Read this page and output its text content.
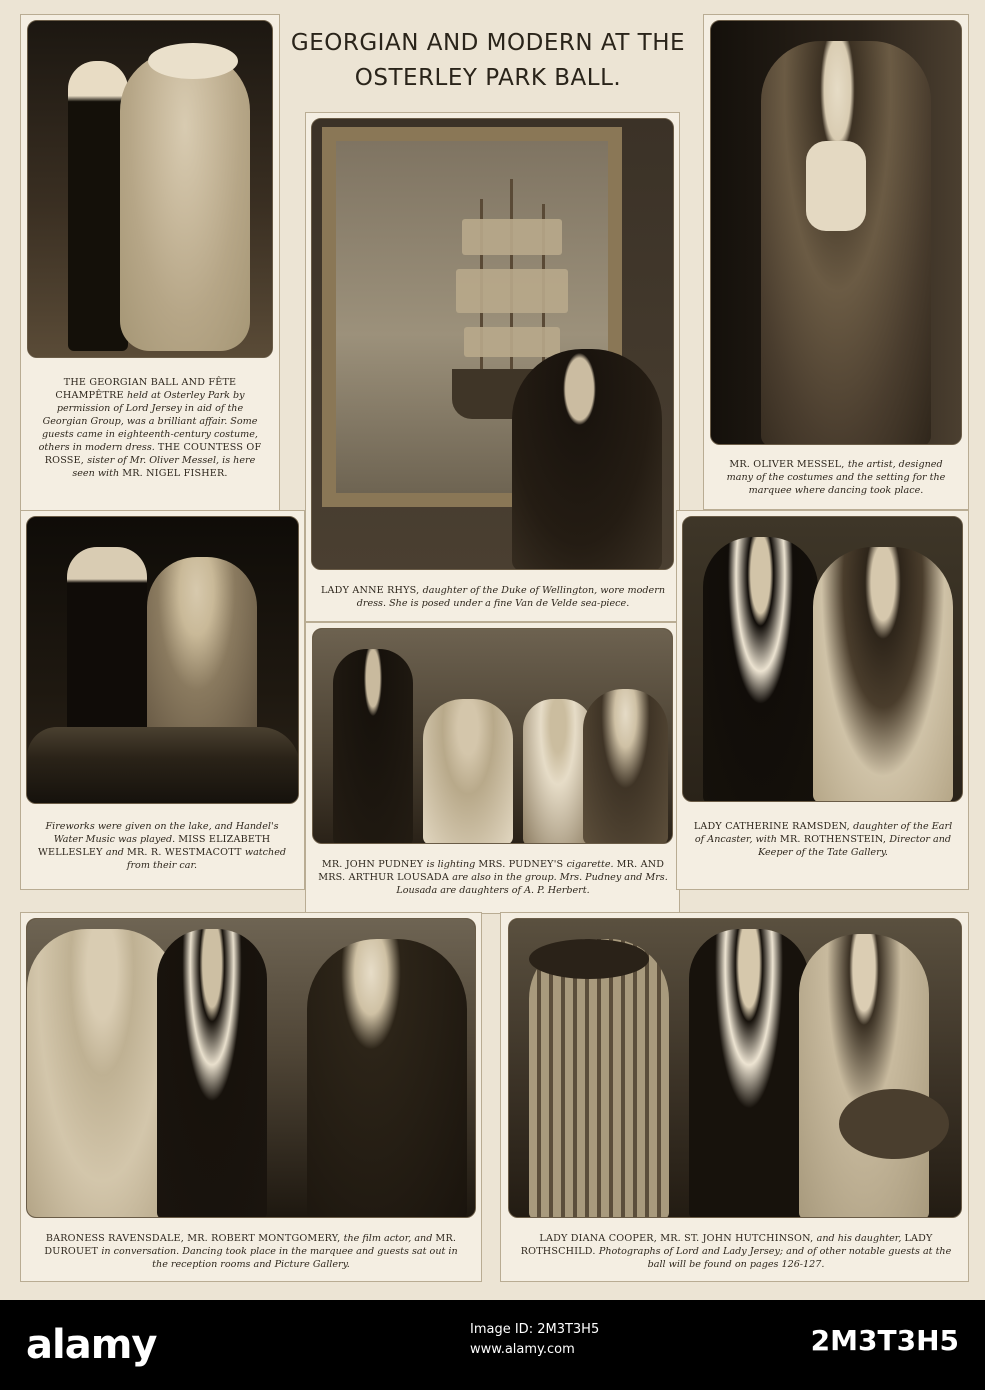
GEORGIAN AND MODERN AT THE
OSTERLEY PARK BALL.
THE GEORGIAN BALL AND FÊTE CHAMPÊTRE held at Osterley Park by permission of Lord Jersey in aid of the Georgian Group, was a brilliant affair. Some guests came in eighteenth-century costume, others in modern dress. THE COUNTESS OF ROSSE, sister of Mr. Oliver Messel, is here seen with MR. NIGEL FISHER.
LADY ANNE RHYS, daughter of the Duke of Wellington, wore modern dress. She is posed under a fine Van de Velde sea-piece.
MR. OLIVER MESSEL, the artist, designed many of the costumes and the setting for the marquee where dancing took place.
Fireworks were given on the lake, and Handel's Water Music was played. MISS ELIZABETH WELLESLEY and MR. R. WESTMACOTT watched from their car.	MR. JOHN PUDNEY is lighting MRS. PUDNEY'S cigarette. MR. AND MRS. ARTHUR LOUSADA are also in the group. Mrs. Pudney and Mrs. Lousada are daughters of A. P. Herbert.
LADY CATHERINE RAMSDEN, daughter of the Earl of Ancaster, with MR. ROTHENSTEIN, Director and Keeper of the Tate Gallery.
BARONESS RAVENSDALE, MR. ROBERT MONTGOMERY, the film actor, and MR. DUROUET in conversation. Dancing took place in the marquee and guests sat out in the reception rooms and Picture Gallery.
LADY DIANA COOPER, MR. ST. JOHN HUTCHINSON, and his daughter, LADY ROTHSCHILD. Photographs of Lord and Lady Jersey; and of other notable guests at the ball will be found on pages 126-127.
alamy	Image ID: 2M3T3H5
www.alamy.com	2M3T3H5
